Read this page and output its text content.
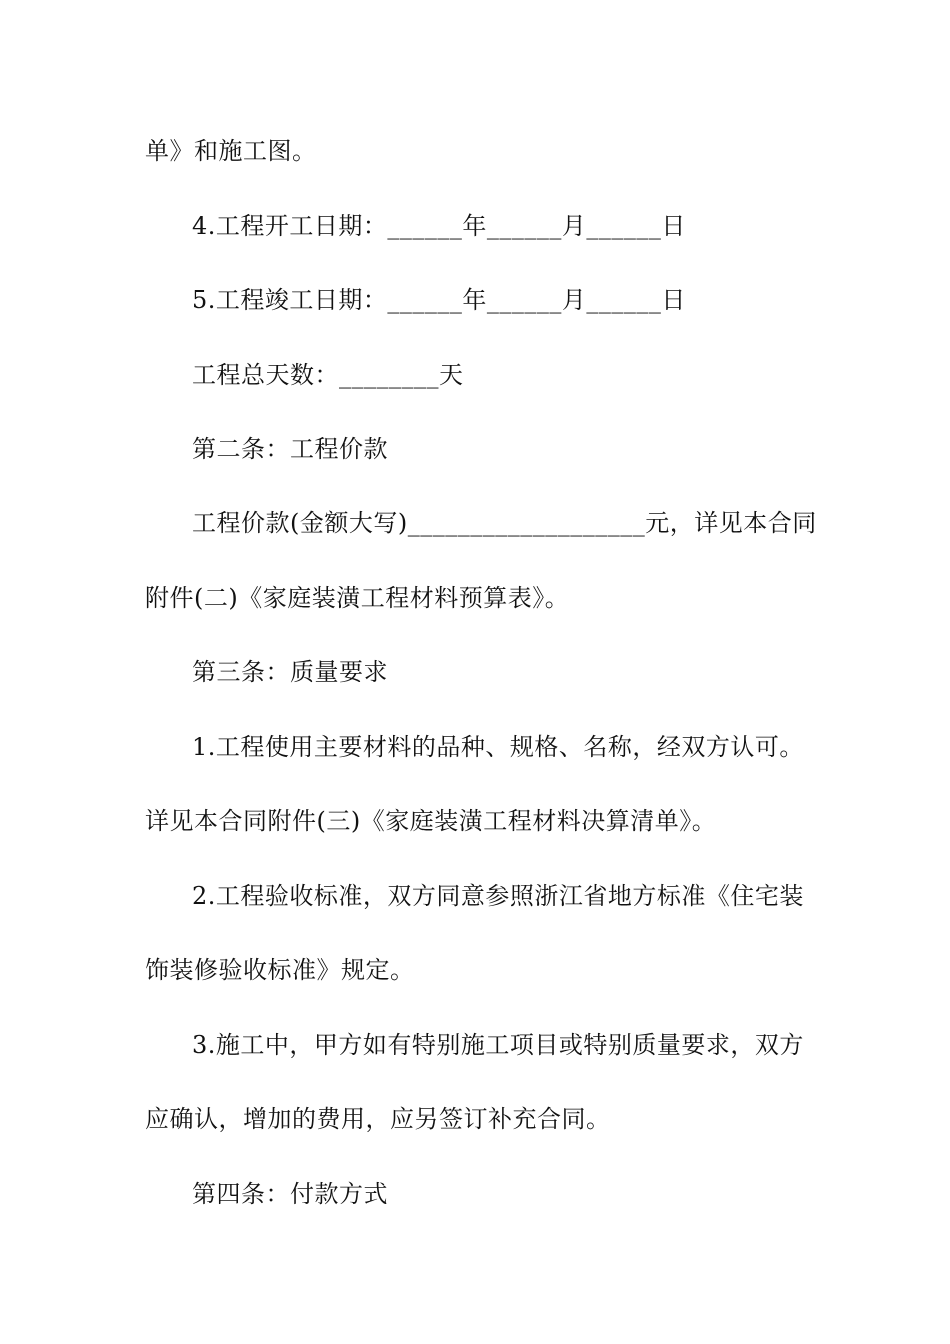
单》和施工图。
4.工程开工日期：______年______月______日
5.工程竣工日期：______年______月______日
工程总天数：________天
第二条：工程价款
工程价款(金额大写)___________________元，详见本合同
附件(二)《家庭装潢工程材料预算表》。
第三条：质量要求
1.工程使用主要材料的品种、规格、名称，经双方认可。
详见本合同附件(三)《家庭装潢工程材料决算清单》。
2.工程验收标准，双方同意参照浙江省地方标准《住宅装
饰装修验收标准》规定。
3.施工中，甲方如有特别施工项目或特别质量要求，双方
应确认，增加的费用，应另签订补充合同。
第四条：付款方式
